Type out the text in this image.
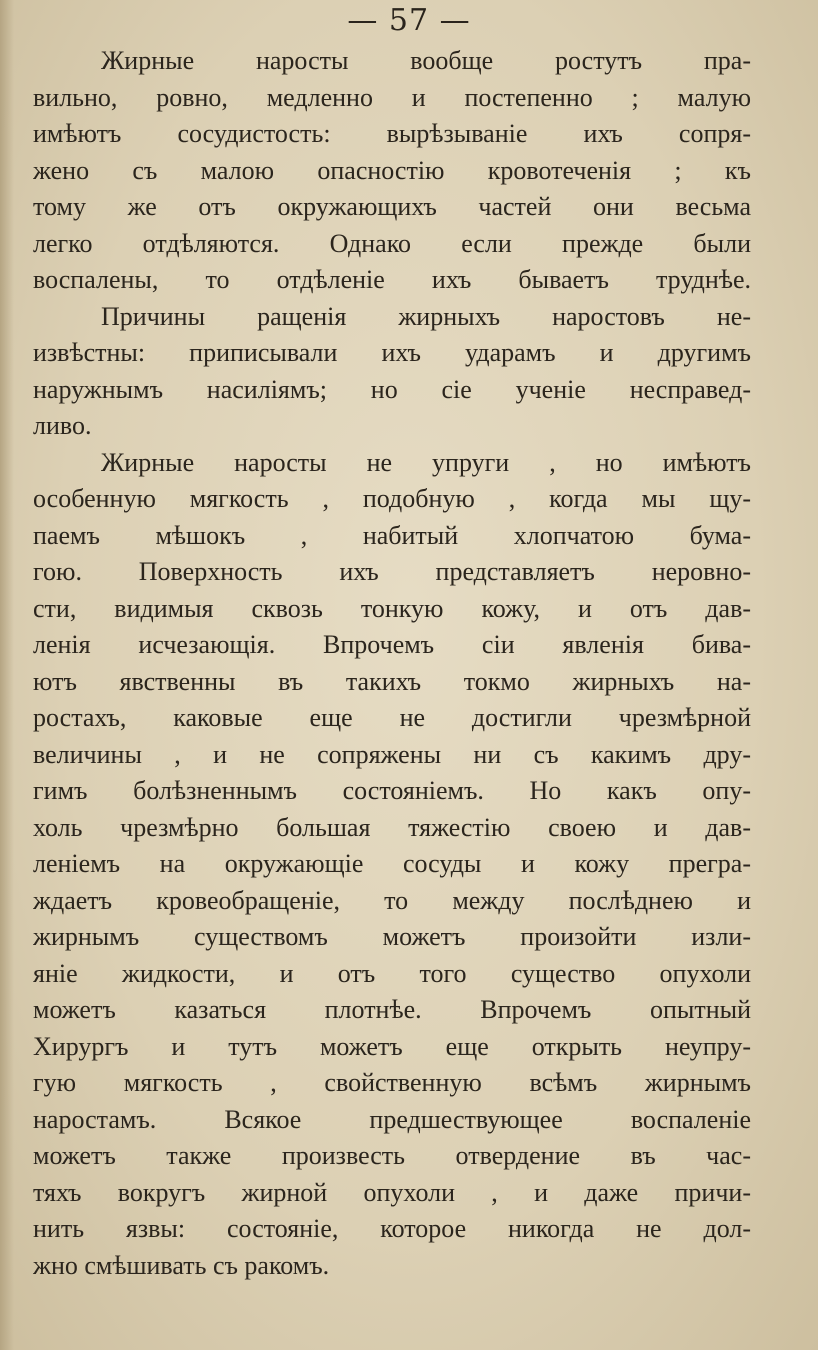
— 57 —
Жирные наросты вообще ростутъ пра-
вильно, ровно, медленно и постепенно ; малую
имѣютъ сосудистость: вырѣзываніе ихъ сопря-
жено съ малою опасностію кровотеченія ; къ
тому же отъ окружающихъ частей они весьма
легко отдѣляются. Однако если прежде были
воспалены, то отдѣленіе ихъ бываетъ труднѣе.
Причины ращенія жирныхъ наростовъ не-
извѣстны: приписывали ихъ ударамъ и другимъ
наружнымъ насиліямъ; но сіе ученіе несправед-
ливо.
Жирные наросты не упруги , но имѣютъ
особенную мягкость , подобную , когда мы щу-
паемъ мѣшокъ , набитый хлопчатою бума-
гою. Поверхность ихъ представляетъ неровно-
сти, видимыя сквозь тонкую кожу, и отъ дав-
ленія исчезающія. Впрочемъ сіи явленія бива-
ютъ явственны въ такихъ токмо жирныхъ на-
ростахъ, каковые еще не достигли чрезмѣрной
величины , и не сопряжены ни съ какимъ дру-
гимъ болѣзненнымъ состояніемъ. Но какъ опу-
холь чрезмѣрно большая тяжестію своею и дав-
леніемъ на окружающіе сосуды и кожу прегра-
ждаетъ кровеобращеніе, то между послѣднею и
жирнымъ существомъ можетъ произойти изли-
яніе жидкости, и отъ того существо опухоли
можетъ казаться плотнѣе. Впрочемъ опытный
Хирургъ и тутъ можетъ еще открыть неупру-
гую мягкость , свойственную всѣмъ жирнымъ
наростамъ. Всякое предшествующее воспаленіе
можетъ также произвесть отвердение въ час-
тяхъ вокругъ жирной опухоли , и даже причи-
нить язвы: состояніе, которое никогда не дол-
жно смѣшивать съ ракомъ.
